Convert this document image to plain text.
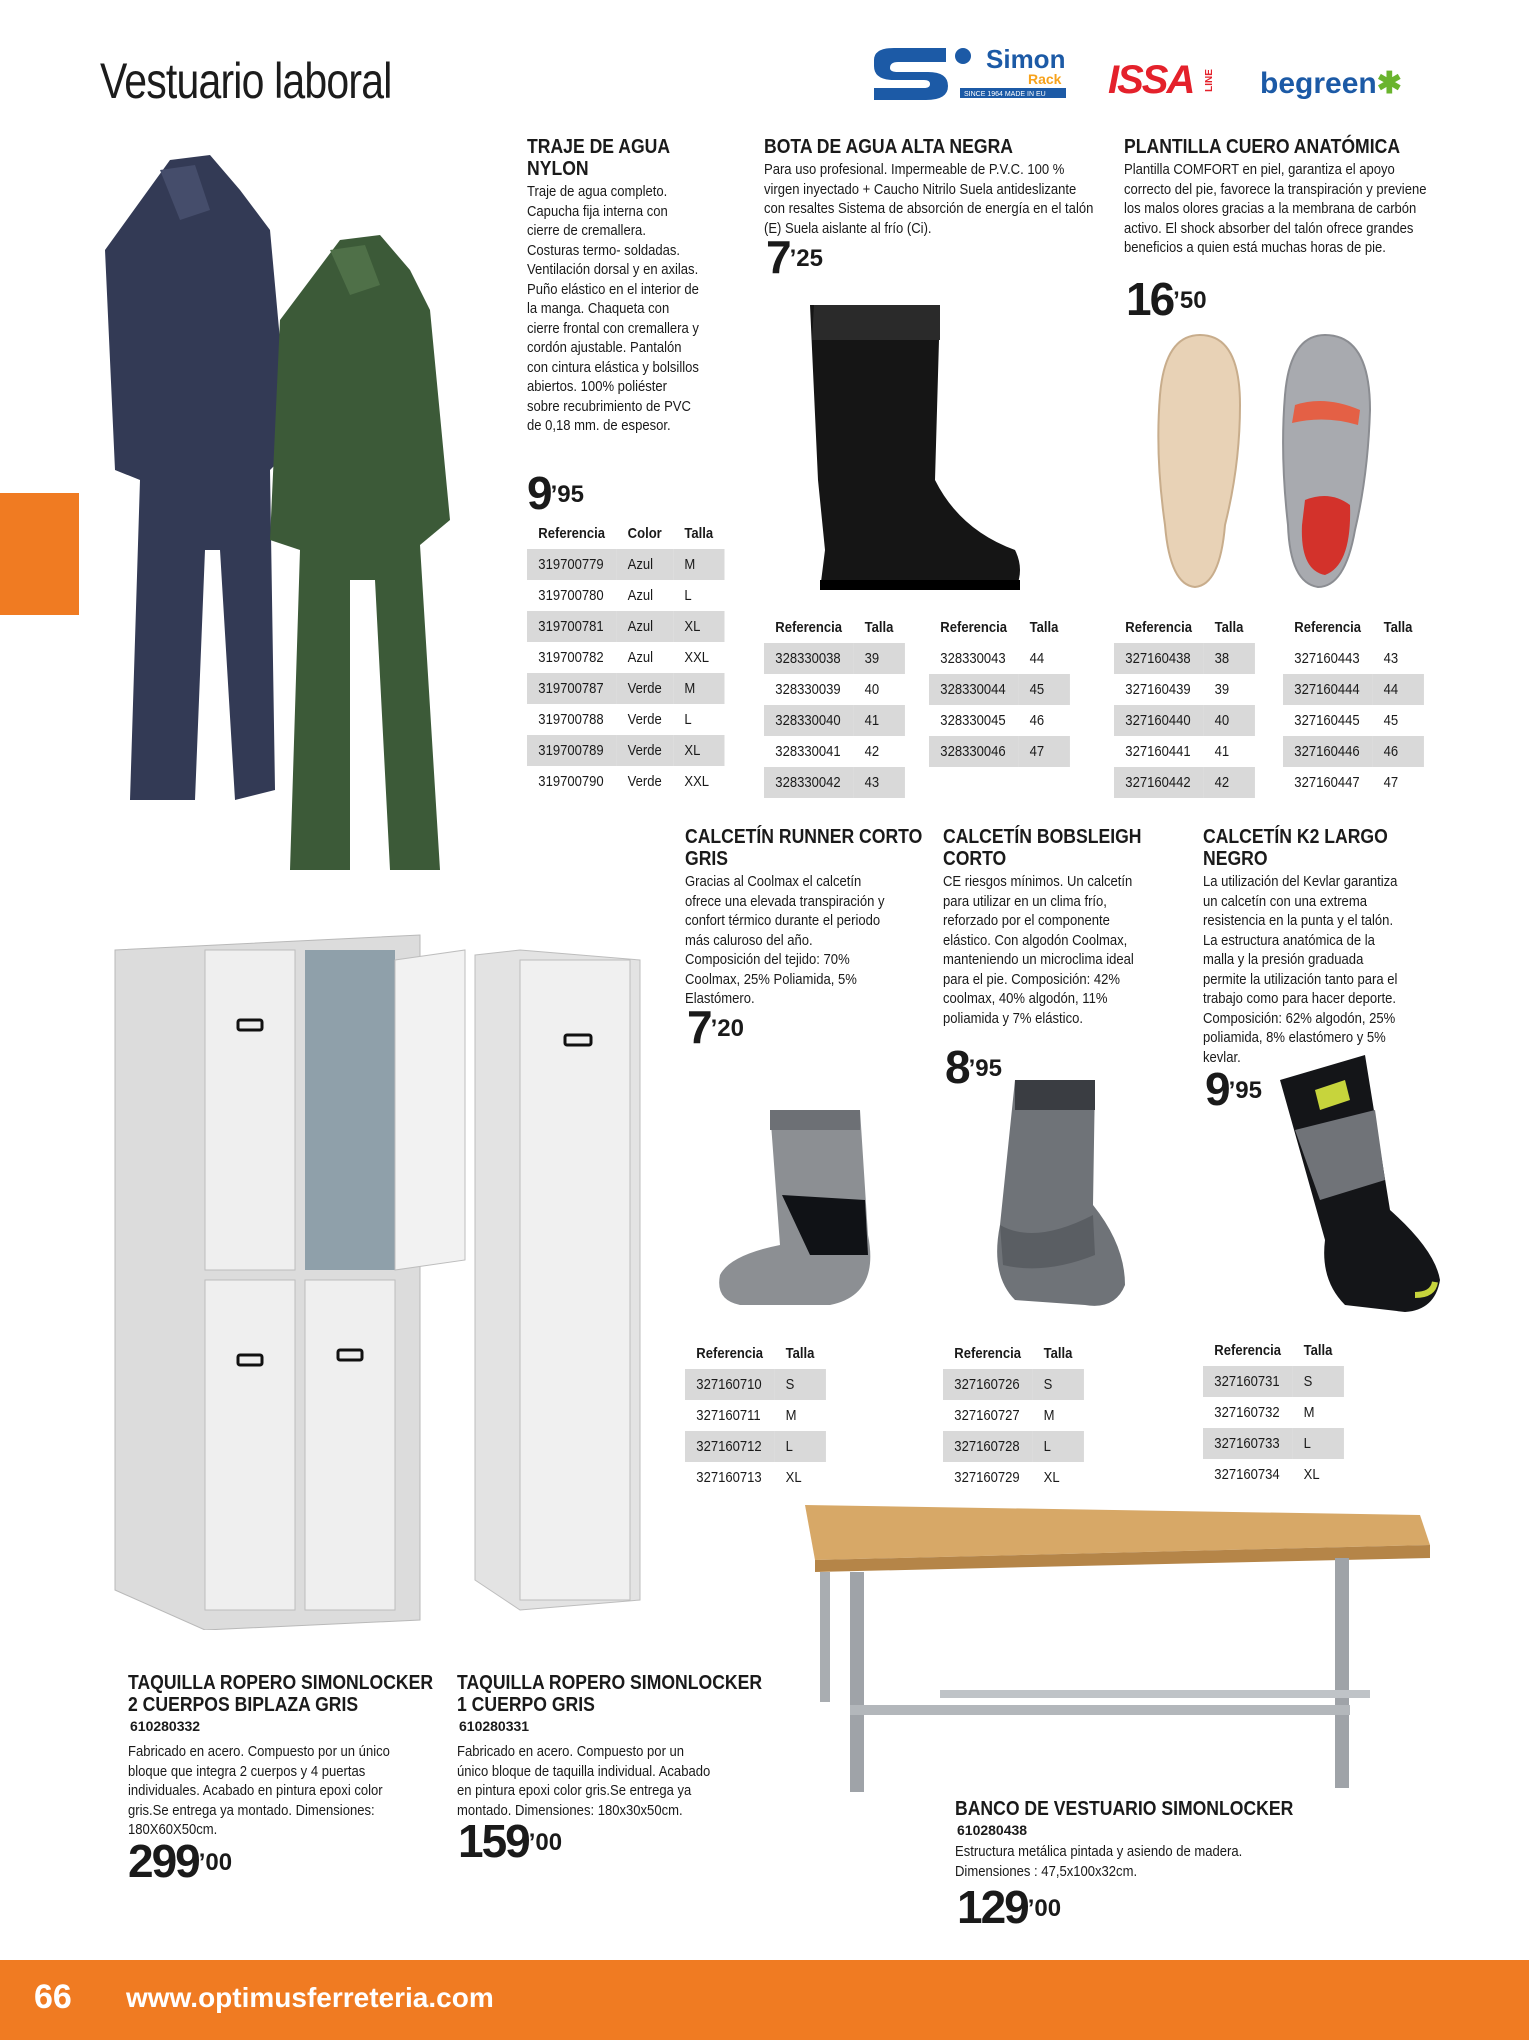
Vestuario laboral	Simon
Rack
SINCE 1964 MADE IN EU ISSA LINE begreen✱
TRAJE DE AGUA
NYLON
Traje de agua completo. Capucha fija interna con cierre de cremallera. Costuras termo- soldadas. Ventilación dorsal y en axilas. Puño elástico en el interior de la manga. Chaqueta con cierre frontal con cremallera y cordón ajustable. Pantalón con cintura elástica y bolsillos abiertos. 100% poliéster sobre recubrimiento de PVC de 0,18 mm. de espesor.
$9^{’95}$
Referencia	Color	Talla
319700779	Azul	M
319700780	Azul	L
319700781	Azul	XL
319700782	Azul	XXL
319700787	Verde	M
319700788	Verde	L
319700789	Verde	XL
319700790	Verde	XXL
BOTA DE AGUA ALTA NEGRA
Para uso profesional. Impermeable de P.V.C. 100 % virgen inyectado + Caucho Nitrilo Suela antideslizante con resaltes Sistema de absorción de energía en el talón (E) Suela aislante al frío (Ci).
$7^{’25}$
Referencia	Talla
328330038	39
328330039	40
328330040	41
328330041	42
328330042	43
Referencia	Talla
328330043	44
328330044	45
328330045	46
328330046	47
PLANTILLA CUERO ANATÓMICA
Plantilla COMFORT en piel, garantiza el apoyo correcto del pie, favorece la transpiración y previene los malos olores gracias a la membrana de carbón activo. El shock absorber del talón ofrece grandes beneficios a quien está muchas horas de pie.
$16^{’50}$
Referencia	Talla
327160438	38
327160439	39
327160440	40
327160441	41
327160442	42
Referencia	Talla
327160443	43
327160444	44
327160445	45
327160446	46
327160447	47
CALCETÍN RUNNER CORTO
GRIS
Gracias al Coolmax el calcetín ofrece una elevada transpiración y confort térmico durante el periodo más caluroso del año. Composición del tejido: 70% Coolmax, 25% Poliamida, 5% Elastómero.
$7^{’20}$
CALCETÍN BOBSLEIGH
CORTO
CE riesgos mínimos. Un calcetín para utilizar en un clima frío, reforzado por el componente elástico. Con algodón Coolmax, manteniendo un microclima ideal para el pie. Composición: 42% coolmax, 40% algodón, 11% poliamida y 7% elástico.
$8^{’95}$
CALCETÍN K2 LARGO
NEGRO
La utilización del Kevlar garantiza un calcetín con una extrema resistencia en la punta y el talón. La estructura anatómica de la malla y la presión graduada permite la utilización tanto para el trabajo como para hacer deporte. Composición: 62% algodón, 25% poliamida, 8% elastómero y 5% kevlar.
$9^{’95}$
Referencia	Talla
327160710	S
327160711	M
327160712	L
327160713	XL
Referencia	Talla
327160726	S
327160727	M
327160728	L
327160729	XL
Referencia	Talla
327160731	S
327160732	M
327160733	L
327160734	XL
TAQUILLA ROPERO SIMONLOCKER
2 CUERPOS BIPLAZA GRIS
610280332
Fabricado en acero. Compuesto por un único bloque que integra 2 cuerpos y 4 puertas individuales. Acabado en pintura epoxi color gris.Se entrega ya montado. Dimensiones: 180X60X50cm.
$299^{’00}$
TAQUILLA ROPERO SIMONLOCKER
1 CUERPO GRIS
610280331
Fabricado en acero. Compuesto por un único bloque de taquilla individual. Acabado en pintura epoxi color gris.Se entrega ya montado. Dimensiones: 180x30x50cm.
$159^{’00}$
BANCO DE VESTUARIO SIMONLOCKER
610280438
Estructura metálica pintada y asiendo de madera. Dimensiones : 47,5x100x32cm.
$129^{’00}$
66 www.optimusferreteria.com
